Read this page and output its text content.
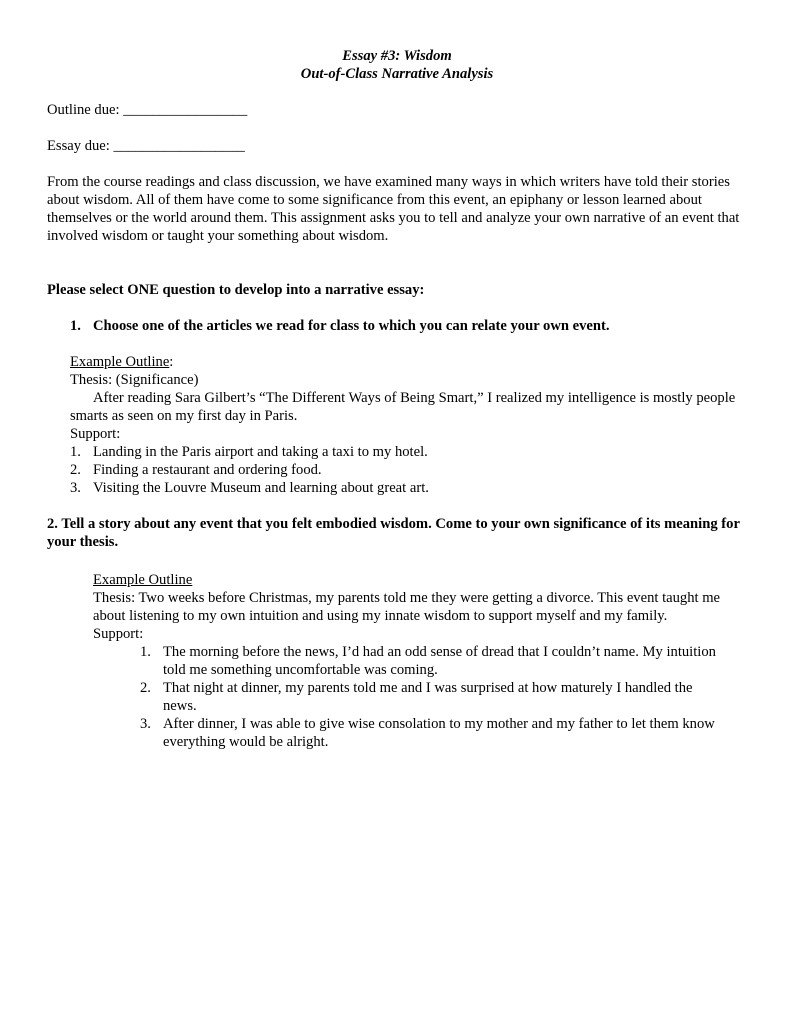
Essay #3: Wisdom

Out-of-Class Narrative Analysis

Outline due: _________________

Essay due: __________________

From the course readings and class discussion, we have examined many ways in which writers have told their stories about wisdom. All of them have come to some significance from this event, an epiphany or lesson learned about themselves or the world around them. This assignment asks you to tell and analyze your own narrative of an event that involved wisdom or taught your something about wisdom.

Please select ONE question to develop into a narrative essay:

1. Choose one of the articles we read for class to which you can relate your own event.

Example Outline:

Thesis: (Significance)

After reading Sara Gilbert’s “The Different Ways of Being Smart,” I realized my intelligence is mostly people smarts as seen on my first day in Paris.

Support:

1. Landing in the Paris airport and taking a taxi to my hotel.
2. Finding a restaurant and ordering food.
3. Visiting the Louvre Museum and learning about great art.

2. Tell a story about any event that you felt embodied wisdom. Come to your own significance of its meaning for your thesis.

Example Outline

Thesis: Two weeks before Christmas, my parents told me they were getting a divorce. This event taught me about listening to my own intuition and using my innate wisdom to support myself and my family.

Support:

1. The morning before the news, I’d had an odd sense of dread that I couldn’t name. My intuition told me something uncomfortable was coming.
2. That night at dinner, my parents told me and I was surprised at how maturely I handled the news.
3. After dinner, I was able to give wise consolation to my mother and my father to let them know everything would be alright.
